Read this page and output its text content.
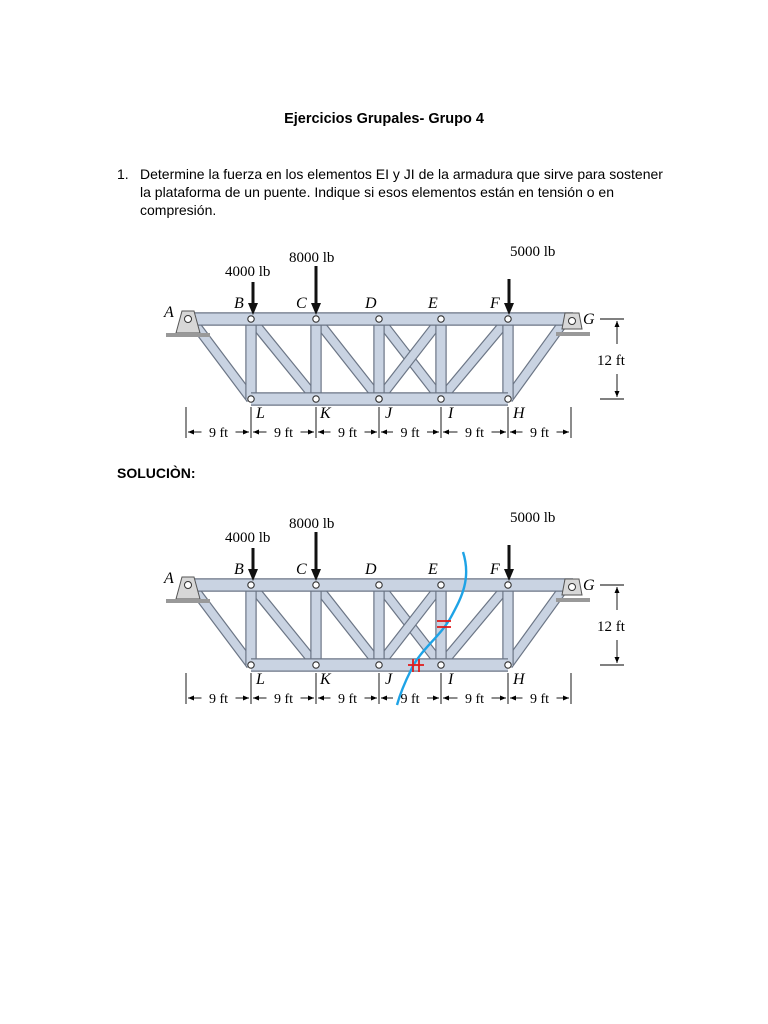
Ejercicios Grupales- Grupo 4
1. Determine la fuerza en los elementos EI y JI de la armadura que sirve para sostener la plataforma de un puente. Indique si esos elementos están en tensión o en compresión.
4000 lb
8000 lb	5000 lb
A
B	C	D	E	F
G
L	K	J	I	H
9 ft	9 ft	9 ft	9 ft	9 ft	9 ft
12 ft
SOLUCIÒN:
4000 lb
8000 lb	5000 lb
A
B	C	D	E	F
G
L	K	J	I	H
9 ft	9 ft	9 ft	9 ft	9 ft	9 ft
12 ft
